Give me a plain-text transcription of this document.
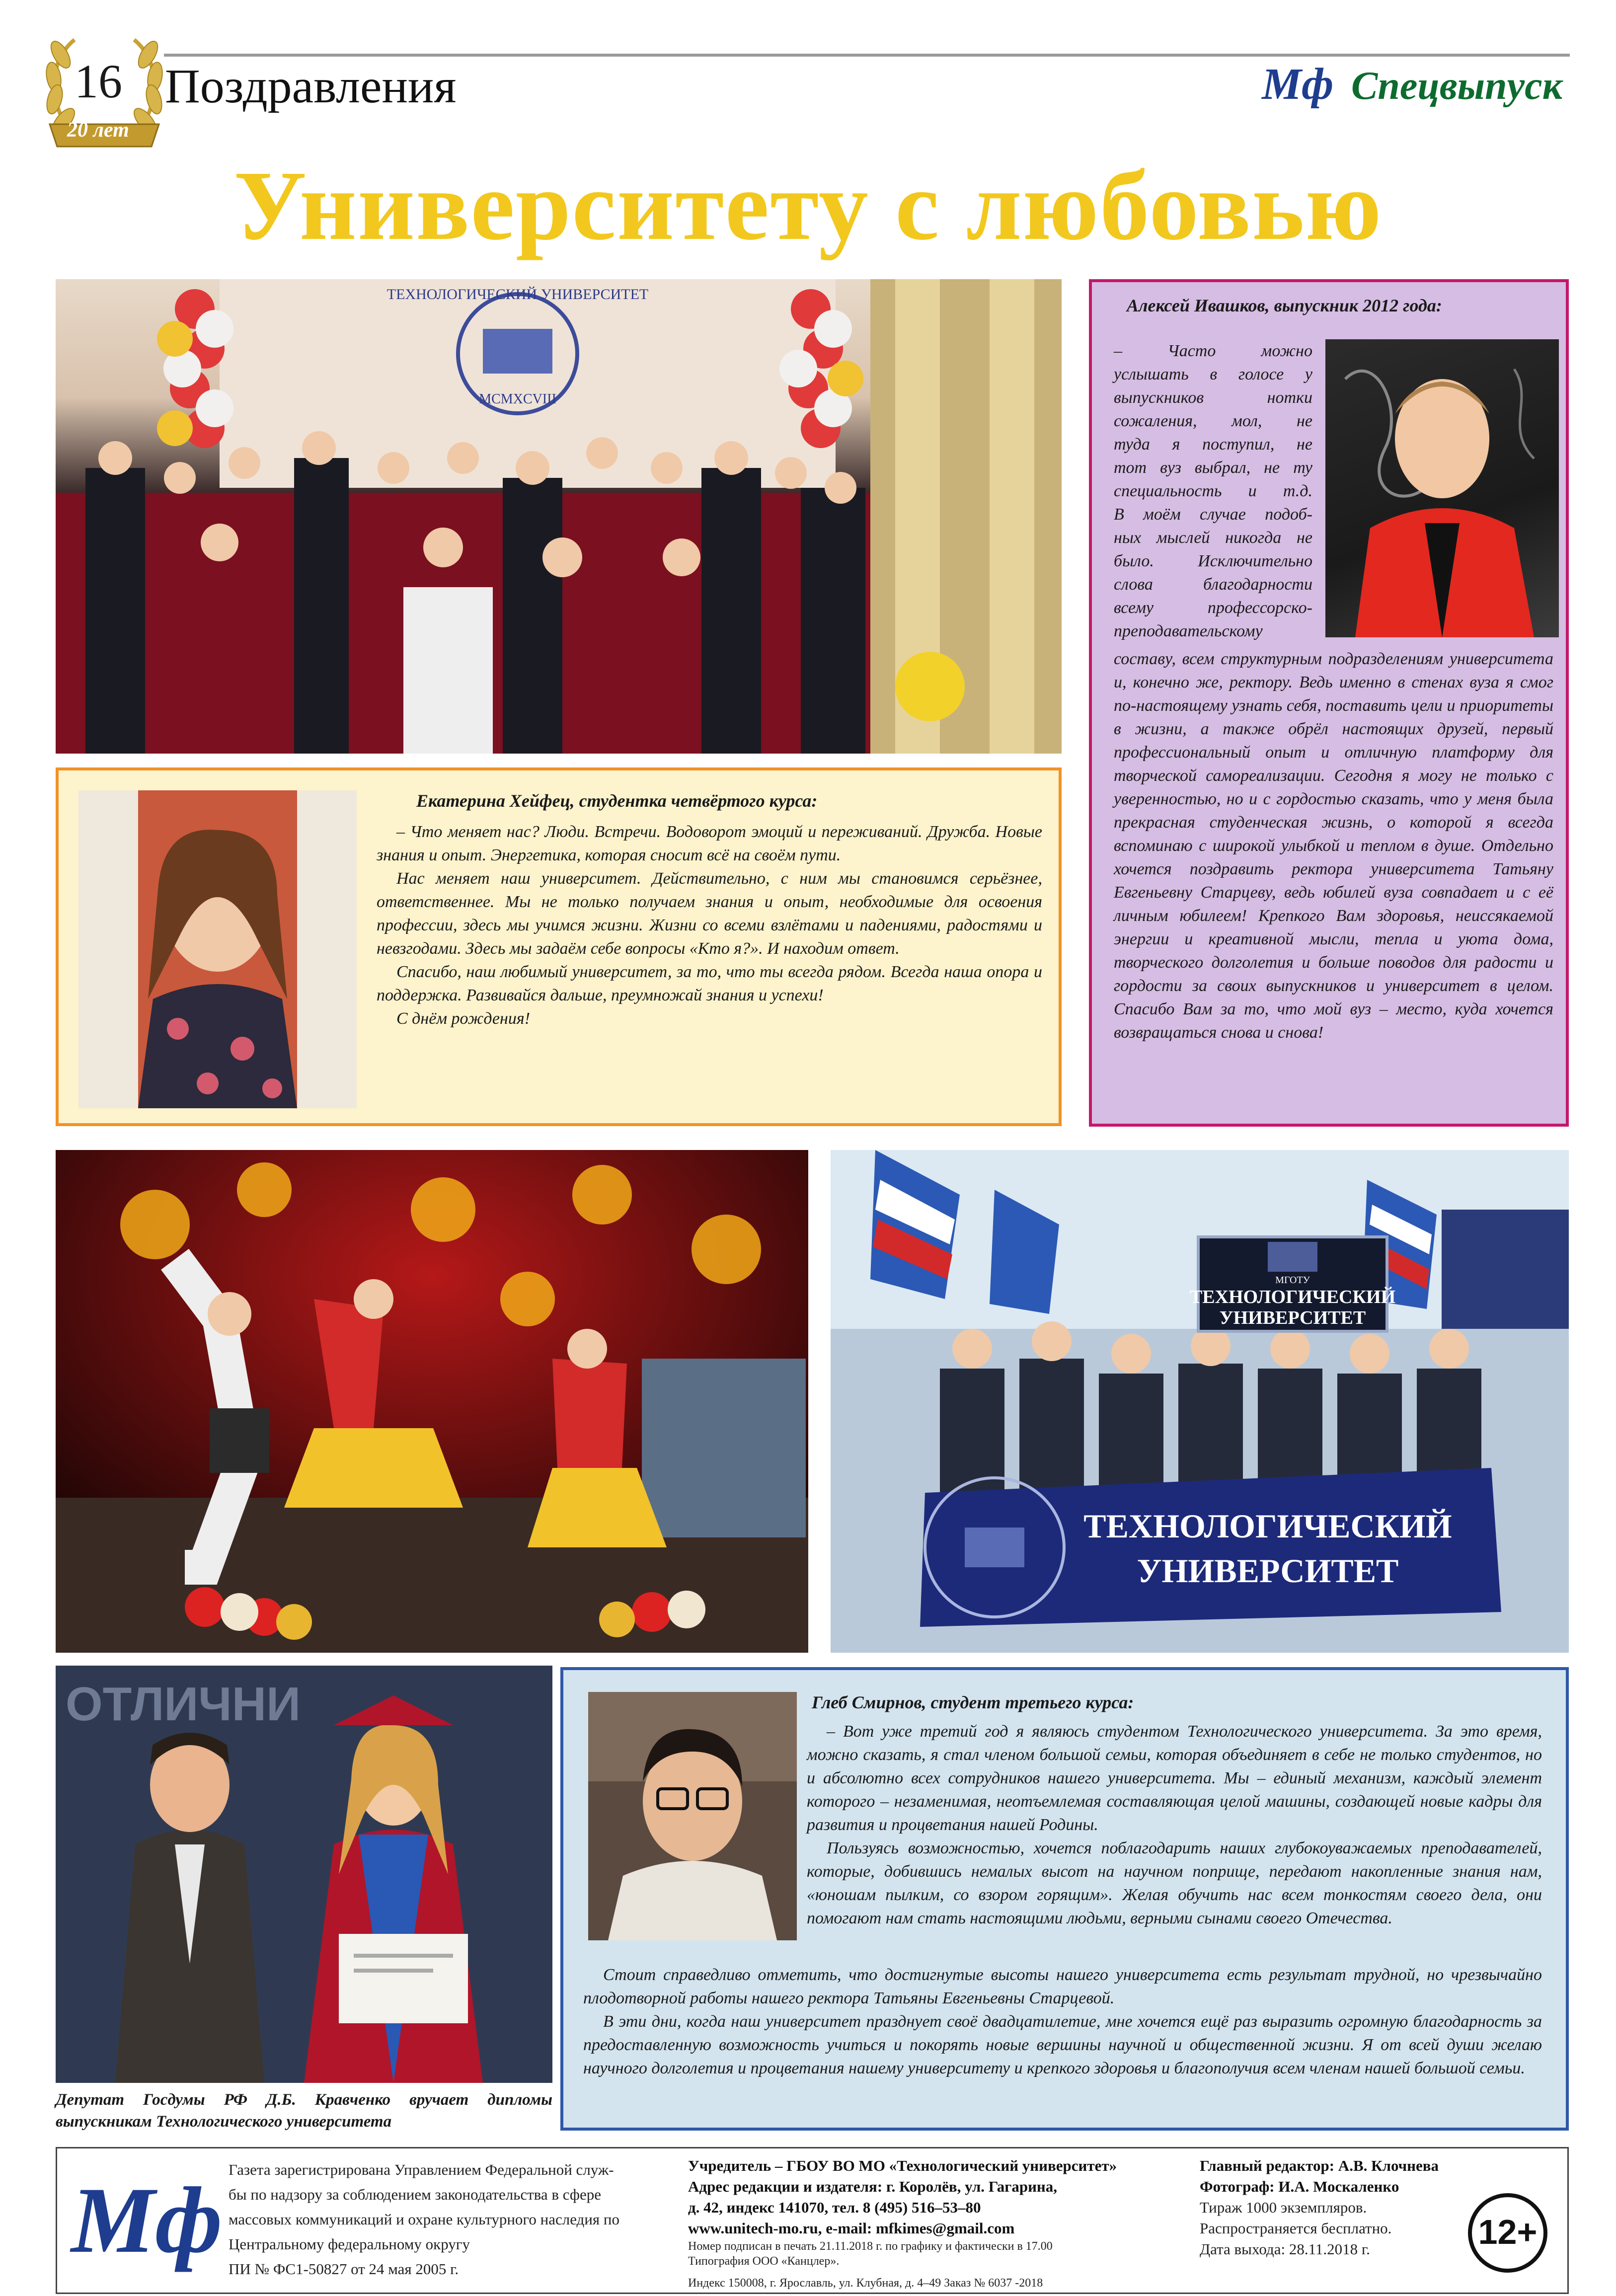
16
20 лет
Поздравления	Мф Спецвыпуск
Университету с любовью
ТЕХНОЛОГИЧЕСКИЙ УНИВЕРСИТЕТ
MCMXCVIII
Алексей Ивашков, выпускник 2012 года:
– Часто можно
услышать в голосе у
выпускников нотки
сожаления, мол, не
туда я поступил, не
тот вуз выбрал, не ту
специальность и т.д.
В моём случае подоб-
ных мыслей никогда не
было. Исключительно
слова благодарности
всему профессорско-
преподавательскому
составу, всем структурным подразделениям университета и, конечно же, ректору. Ведь именно в стенах вуза я смог по-настоящему узнать себя, поставить цели и приоритеты в жизни, а также обрёл настоящих друзей, первый профессиональный опыт и отличную платформу для творческой самореализации. Сегодня я могу не только с уверенностью, но и с гордостью сказать, что у меня была прекрасная студенческая жизнь, о которой я всегда вспоминаю с широкой улыбкой и теплом в душе. Отдельно хочется поздравить ректора университета Татьяну Евгеньевну Старцеву, ведь юбилей вуза совпадает и с её личным юбилеем! Крепкого Вам здоровья, неиссякаемой энергии и креативной мысли, тепла и уюта дома, творческого долголетия и больше поводов для радости и гордости за своих выпускников и университет в целом. Спасибо Вам за то, что мой вуз – место, куда хочется возвращаться снова и снова!
Екатерина Хейфец, студентка четвёртого курса:

– Что меняет нас? Люди. Встречи. Водоворот эмоций и переживаний. Дружба. Новые знания и опыт. Энергетика, которая сносит всё на своём пути.

Нас меняет наш университет. Действительно, с ним мы становимся серьёзнее, ответственнее. Мы не только получаем знания и опыт, необходимые для освоения профессии, здесь мы учимся жизни. Жизни со всеми взлётами и падениями, радостями и невзгодами. Здесь мы задаём себе вопросы «Кто я?». И находим ответ.

Спасибо, наш любимый университет, за то, что ты всегда рядом. Всегда наша опора и поддержка. Развивайся дальше, преумножай знания и успехи!

С днём рождения!

МГОТУ
ТЕХНОЛОГИЧЕСКИЙ
УНИВЕРСИТЕТ
ТЕХНОЛОГИЧЕСКИЙ
УНИВЕРСИТЕТ
ОТЛИЧНИ
Депутат Госдумы РФ Д.Б. Кравченко вручает дипломы выпускникам Технологического университета
Глеб Смирнов, студент третьего курса:

– Вот уже третий год я являюсь студентом Технологического университета. За это время, можно сказать, я стал членом большой семьи, которая объединяет в себе не только студентов, но и абсолютно всех сотрудников нашего университета. Мы – единый механизм, каждый элемент которого – незаменимая, неотъемлемая составляющая целой машины, создающей новые кадры для развития и процветания нашей Родины.

Пользуясь возможностью, хочется поблагодарить наших глубокоуважаемых преподавателей, которые, добившись немалых высот на научном поприще, передают накопленные знания нам, «юношам пылким, со взором горящим». Желая обучить нас всем тонкостям своего дела, они помогают нам стать настоящими людьми, верными сынами своего Отечества.

Стоит справедливо отметить, что достигнутые высоты нашего университета есть результат трудной, но чрезвычайно плодотворной работы нашего ректора Татьяны Евгеньевны Старцевой.

В эти дни, когда наш университет празднует своё двадцатилетие, мне хочется ещё раз выразить огромную благодарность за предоставленную возможность учиться и покорять новые вершины научной и общественной жизни. Я от всей души желаю научного долголетия и процветания нашему университету и крепкого здоровья и благополучия всем членам нашей большой семьи.

Мф Газета зарегистрирована Управлением Федеральной служ-
бы по надзору за соблюдением законодательства в сфере
массовых коммуникаций и охране культурного наследия по
Центральному федеральному округу
ПИ № ФС1-50827 от 24 мая 2005 г.
Учредитель – ГБОУ ВО МО «Технологический университет»
Адрес редакции и издателя: г. Королёв, ул. Гагарина,
д. 42, индекс 141070, тел. 8 (495) 516–53–80
www.unitech-mo.ru, e-mail: mfkimes@gmail.com
Номер подписан в печать 21.11.2018 г. по графику и фактически в 17.00
Типография ООО «Канцлер».
Индекс 150008, г. Ярославль, ул. Клубная, д. 4–49 Заказ № 6037 -2018
Главный редактор: А.В. Клочнева
Фотограф: И.А. Москаленко
Тираж 1000 экземпляров.
Распространяется бесплатно.
Дата выхода: 28.11.2018 г.	12+
